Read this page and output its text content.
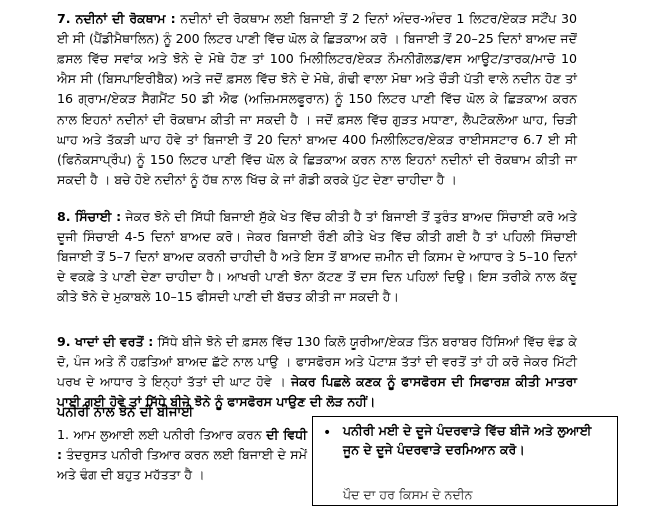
7. ਨਦੀਨਾਂ ਦੀ ਰੋਕਥਾਮ : ਨਦੀਨਾਂ ਦੀ ਰੋਕਥਾਮ ਲਈ ਬਿਜਾਈ ਤੋਂ 2 ਦਿਨਾਂ ਅੰਦਰ-ਅੰਦਰ 1 ਲਿਟਰ/ਏਕੜ ਸਟੌਂਪ 30 ਈ ਸੀ (ਪੈਂਡੀਮੈਥਾਲਿਨ) ਨੂੰ 200 ਲਿਟਰ ਪਾਣੀ ਵਿੱਚ ਘੋਲ ਕੇ ਛਿੜਕਾਅ ਕਰੋ । ਬਿਜਾਈ ਤੋਂ 20–25 ਦਿਨਾਂ ਬਾਅਦ ਜਦੋਂ ਫ਼ਸਲ ਵਿੱਚ ਸਵਾਂਕ ਅਤੇ ਝੋਨੇ ਦੇ ਮੋਥੇ ਹੋਣ ਤਾਂ 100 ਮਿਲੀਲਿਟਰ/ਏਕੜ ਨੌਮਨੀਗੋਲਡ/ਵਸ ਆਊਟ/ਤਾਰਕ/ਮਾਚੋ 10 ਐਸ ਸੀ (ਬਿਸਪਾਇਰੀਬੈਕ) ਅਤੇ ਜਦੋਂ ਫ਼ਸਲ ਵਿੱਚ ਝੋਨੇ ਦੇ ਮੋਥੇ, ਗੰਢੀ ਵਾਲਾ ਮੋਥਾ ਅਤੇ ਚੌੜੀ ਪੱਤੀ ਵਾਲੇ ਨਦੀਨ ਹੋਣ ਤਾਂ 16 ਗ੍ਰਾਮ/ਏਕੜ ਸੈਗਮੈਂਟ 50 ਡੀ ਐਫ (ਅਜ਼ਿਮਸਲਫੂਰਾਨ) ਨੂੰ 150 ਲਿਟਰ ਪਾਣੀ ਵਿੱਚ ਘੋਲ ਕੇ ਛਿੜਕਾਅ ਕਰਨ ਨਾਲ ਇਹਨਾਂ ਨਦੀਨਾਂ ਦੀ ਰੋਕਥਾਮ ਕੀਤੀ ਜਾ ਸਕਦੀ ਹੈ । ਜਦੋਂ ਫ਼ਸਲ ਵਿੱਚ ਗੁੜਤ ਮਧਾਣਾ, ਲੈਪਟੋਕਲੋਆ ਘਾਹ, ਚਿੜੀ ਘਾਹ ਅਤੇ ਤੱਕੜੀ ਘਾਹ ਹੋਵੇ ਤਾਂ ਬਿਜਾਈ ਤੋਂ 20 ਦਿਨਾਂ ਬਾਅਦ 400 ਮਿਲੀਲਿਟਰ/ਏਕੜ ਰਾਈਸਸਟਾਰ 6.7 ਈ ਸੀ (ਫਿਨੋਕਸਾਪ੍ਰੌਪ) ਨੂੰ 150 ਲਿਟਰ ਪਾਣੀ ਵਿੱਚ ਘੋਲ ਕੇ ਛਿੜਕਾਅ ਕਰਨ ਨਾਲ ਇਹਨਾਂ ਨਦੀਨਾਂ ਦੀ ਰੋਕਥਾਮ ਕੀਤੀ ਜਾ ਸਕਦੀ ਹੈ । ਬਚੇ ਹੋਏ ਨਦੀਨਾਂ ਨੂੰ ਹੱਥ ਨਾਲ ਖਿੱਚ ਕੇ ਜਾਂ ਗੋਡੀ ਕਰਕੇ ਪੁੱਟ ਦੇਣਾ ਚਾਹੀਦਾ ਹੈ ।

8. ਸਿੰਚਾਈ : ਜੇਕਰ ਝੋਨੇ ਦੀ ਸਿੱਧੀ ਬਿਜਾਈ ਸੁੱਕੇ ਖੇਤ ਵਿੱਚ ਕੀਤੀ ਹੈ ਤਾਂ ਬਿਜਾਈ ਤੋਂ ਤੁਰੰਤ ਬਾਅਦ ਸਿੰਚਾਈ ਕਰੋ ਅਤੇ ਦੂਜੀ ਸਿੰਚਾਈ 4-5 ਦਿਨਾਂ ਬਾਅਦ ਕਰੋ। ਜੇਕਰ ਬਿਜਾਈ ਰੌਣੀ ਕੀਤੇ ਖੇਤ ਵਿੱਚ ਕੀਤੀ ਗਈ ਹੈ ਤਾਂ ਪਹਿਲੀ ਸਿੰਚਾਈ ਬਿਜਾਈ ਤੋਂ 5–7 ਦਿਨਾਂ ਬਾਅਦ ਕਰਨੀ ਚਾਹੀਦੀ ਹੈ ਅਤੇ ਇਸ ਤੋਂ ਬਾਅਦ ਜ਼ਮੀਨ ਦੀ ਕਿਸਮ ਦੇ ਆਧਾਰ ਤੇ 5–10 ਦਿਨਾਂ ਦੇ ਵਕਫ਼ੇ ਤੇ ਪਾਣੀ ਦੇਣਾ ਚਾਹੀਦਾ ਹੈ। ਆਖਰੀ ਪਾਣੀ ਝੋਨਾ ਕੱਟਣ ਤੋਂ ਦਸ ਦਿਨ ਪਹਿਲਾਂ ਦਿਉ। ਇਸ ਤਰੀਕੇ ਨਾਲ ਕੱਦੂ ਕੀਤੇ ਝੋਨੇ ਦੇ ਮੁਕਾਬਲੇ 10–15 ਫੀਸਦੀ ਪਾਣੀ ਦੀ ਬੱਚਤ ਕੀਤੀ ਜਾ ਸਕਦੀ ਹੈ।

9. ਖਾਦਾਂ ਦੀ ਵਰਤੋਂ : ਸਿੱਧੇ ਬੀਜੇ ਝੋਨੇ ਦੀ ਫ਼ਸਲ ਵਿੱਚ 130 ਕਿਲੋ ਯੂਰੀਆ/ਏਕੜ ਤਿੰਨ ਬਰਾਬਰ ਹਿੱਸਿਆਂ ਵਿੱਚ ਵੰਡ ਕੇ ਦੋ, ਪੰਜ ਅਤੇ ਨੌਂ ਹਫ਼ਤਿਆਂ ਬਾਅਦ ਛੱਟੇ ਨਾਲ ਪਾਉ । ਫਾਸਫੋਰਸ ਅਤੇ ਪੋਟਾਸ਼ ਤੱਤਾਂ ਦੀ ਵਰਤੋਂ ਤਾਂ ਹੀ ਕਰੋ ਜੇਕਰ ਮਿੱਟੀ ਪਰਖ ਦੇ ਆਧਾਰ ਤੇ ਇਨ੍ਹਾਂ ਤੱਤਾਂ ਦੀ ਘਾਟ ਹੋਵੇ । ਜੇਕਰ ਪਿਛਲੇ ਕਣਕ ਨੂੰ ਫਾਸਫੋਰਸ ਦੀ ਸਿਫਾਰਸ਼ ਕੀਤੀ ਮਾਤਰਾ ਪਾਈ ਗਈ ਹੋਵੇ ਤਾਂ ਸਿੱਧੇ ਬੀਜੇ ਝੋਨੇ ਨੂੰ ਫਾਸਫੋਰਸ ਪਾਉਣ ਦੀ ਲੋੜ ਨਹੀਂ।

ਪਨੀਰੀ ਨਾਲ ਝੋਨੇ ਦੀ ਬੀਜਾਈ
1. ਆਮ ਲੁਆਈ ਲਈ ਪਨੀਰੀ ਤਿਆਰ ਕਰਨ ਦੀ ਵਿਧੀ : ਤੰਦਰੁਸਤ ਪਨੀਰੀ ਤਿਆਰ ਕਰਨ ਲਈ ਬਿਜਾਈ ਦੇ ਸਮੇਂ ਅਤੇ ਢੰਗ ਦੀ ਬਹੁਤ ਮਹੱਤਤਾ ਹੈ ।
• ਪਨੀਰੀ ਮਈ ਦੇ ਦੂਜੇ ਪੰਦਰਵਾੜੇ ਵਿੱਚ ਬੀਜੋ ਅਤੇ ਲੁਆਈ ਜੂਨ ਦੇ ਦੂਜੇ ਪੰਦਰਵਾੜੇ ਦਰਮਿਆਨ ਕਰੋ।
ਪੌਦ ਦਾ ਹਰ ਕਿਸਮ ਦੇ ਨਦੀਨ
